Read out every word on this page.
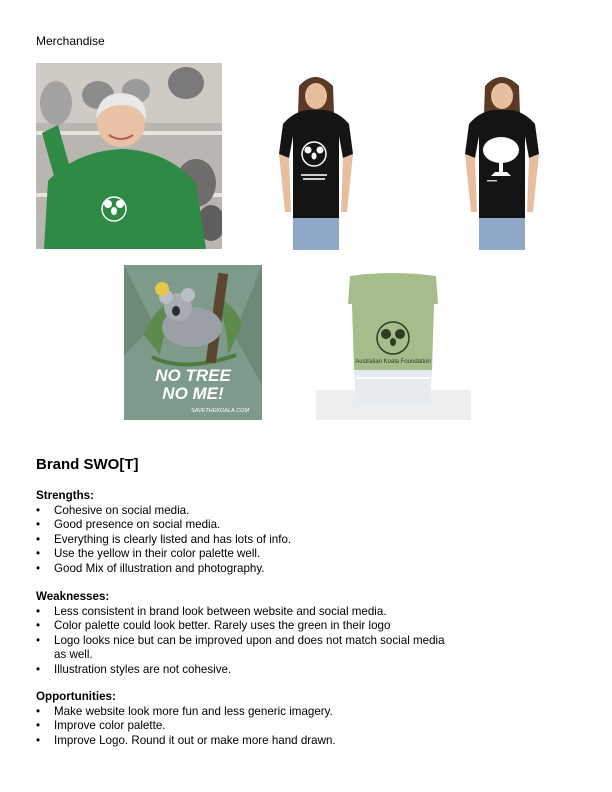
Merchandise
NO TREE
NO ME!
SAVETHEKOALA.COM
Australian Koala Foundation
Brand SWO[T]
Strengths:
• Cohesive on social media.
• Good presence on social media.
• Everything is clearly listed and has lots of info.
• Use the yellow in their color palette well.
• Good Mix of illustration and photography.
Weaknesses:
• Less consistent in brand look between website and social media.
• Color palette could look better. Rarely uses the green in their logo
• Logo looks nice but can be improved upon and does not match social media as well.
• Illustration styles are not cohesive.
Opportunities:
• Make website look more fun and less generic imagery.
• Improve color palette.
• Improve Logo. Round it out or make more hand drawn.
